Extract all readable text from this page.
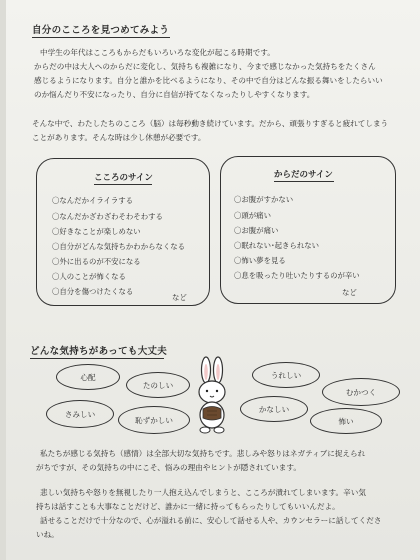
自分のこころを見つめてみよう
中学生の年代はこころもからだもいろいろな変化が起こる時期です。
からだの中は大人へのからだに変化し、気持ちも複雑になり、今まで感じなかった気持ちをたくさん
感じるようになります。自分と誰かを比べるようになり、その中で自分はどんな振る舞いをしたらいい
のか悩んだり不安になったり、自分に自信が持てなくなったりしやすくなります。
そんな中で、わたしたちのこころ（脳）は毎秒動き続けています。だから、頑張りすぎると疲れてしまう
ことがあります。そんな時は少し休憩が必要です。
こころのサイン
〇なんだかイライラする
〇なんだかざわざわそわそわする
〇好きなことが楽しめない
〇自分がどんな気持ちかわからなくなる
〇外に出るのが不安になる
〇人のことが怖くなる
〇自分を傷つけたくなる
など
からだのサイン
〇お腹がすかない
〇頭が痛い
〇お腹が痛い
〇眠れない･起きられない
〇怖い夢を見る
〇息を吸ったり吐いたりするのが辛い
など
どんな気持ちがあっても大丈夫
心配
たのしい
さみしい
恥ずかしい
うれしい
むかつく
かなしい
怖い
私たちが感じる気持ち（感情）は全部大切な気持ちです。悲しみや怒りはネガティブに捉えられ
がちですが、その気持ちの中にこそ、悩みの理由やヒントが隠されています。
悲しい気持ちや怒りを無視したり一人抱え込んでしまうと、こころが潰れてしまいます。辛い気
持ちは話すことも大事なことだけど、誰かに一緒に持ってもらったりしてもいいんだよ。
話せることだけで十分なので、心が溢れる前に、安心して話せる人や、カウンセラーに話してくださ
いね。
